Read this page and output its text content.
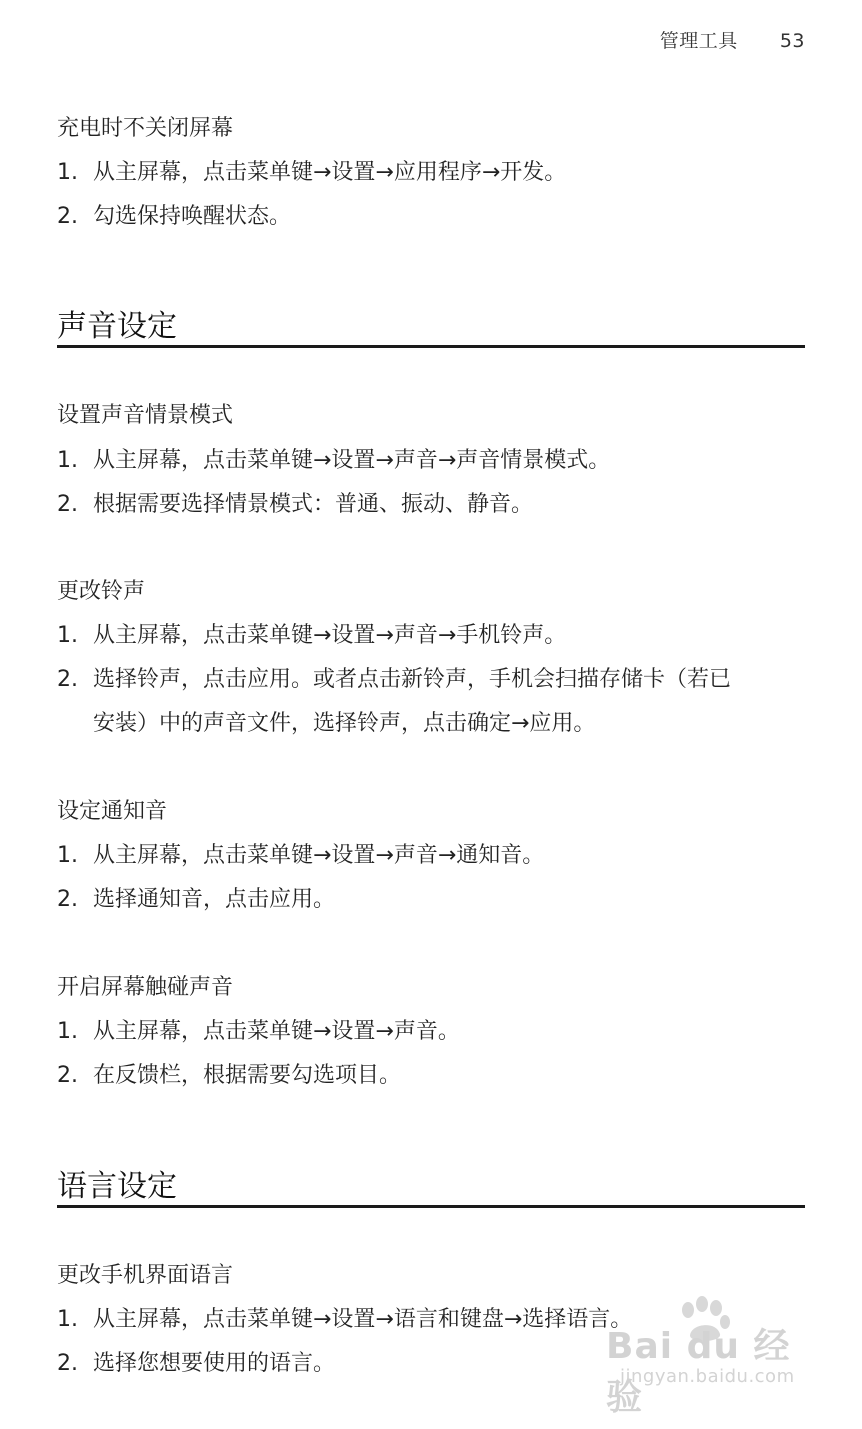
管理工具 53
充电时不关闭屏幕
1. 从主屏幕，点击菜单键→设置→应用程序→开发。
2. 勾选保持唤醒状态。
声音设定
设置声音情景模式
1. 从主屏幕，点击菜单键→设置→声音→声音情景模式。
2. 根据需要选择情景模式：普通、振动、静音。
更改铃声
1. 从主屏幕，点击菜单键→设置→声音→手机铃声。
2. 选择铃声，点击应用。或者点击新铃声，手机会扫描存储卡（若已
安装）中的声音文件，选择铃声，点击确定→应用。
设定通知音
1. 从主屏幕，点击菜单键→设置→声音→通知音。
2. 选择通知音，点击应用。
开启屏幕触碰声音
1. 从主屏幕，点击菜单键→设置→声音。
2. 在反馈栏，根据需要勾选项目。
语言设定
更改手机界面语言
1. 从主屏幕，点击菜单键→设置→语言和键盘→选择语言。
2. 选择您想要使用的语言。	Bai du 经验
jingyan.baidu.com
